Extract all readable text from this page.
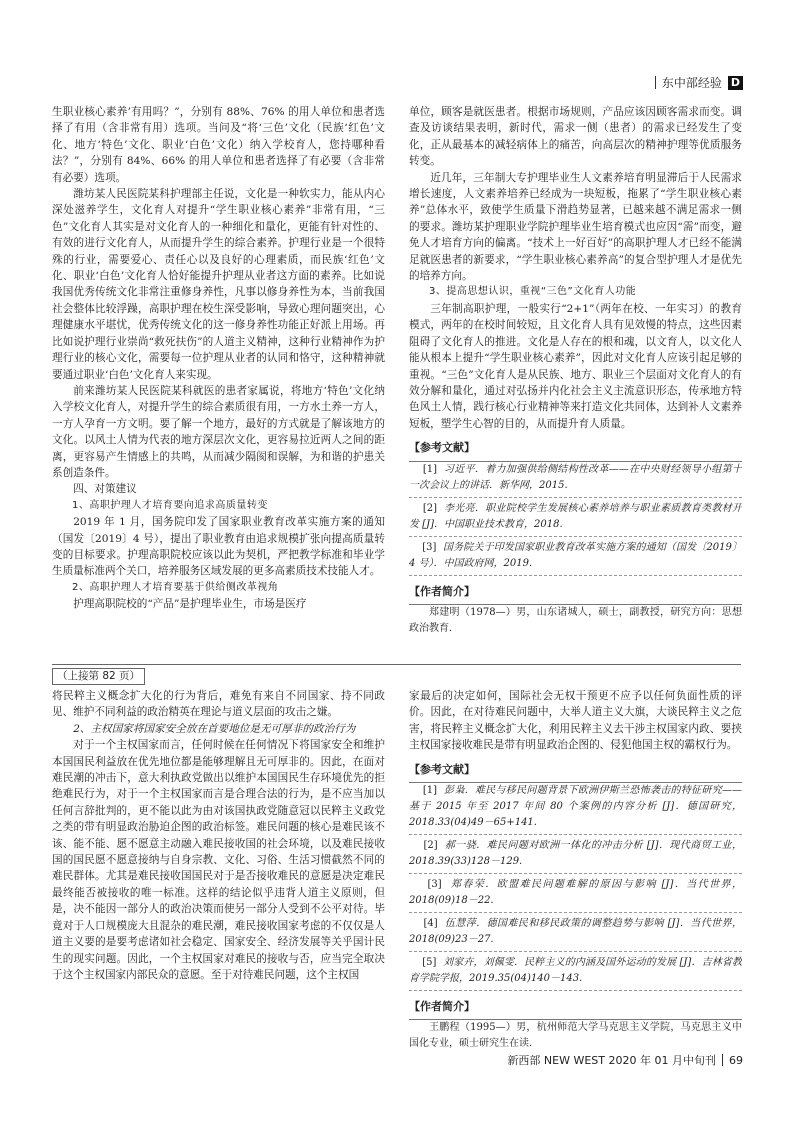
东中部经验 D

生职业核心素养’有用吗？”，分别有 88%、76% 的用人单位和患者选择了有用（含非常有用）选项。当问及“将‘三色’文化（民族‘红色’文化、地方‘特色’文化、职业‘白色’文化）纳入学校育人，您持哪种看法？”，分别有 84%、66% 的用人单位和患者选择了有必要（含非常有必要）选项。

潍坊某人民医院某科护理部主任说，文化是一种软实力，能从内心深处滋养学生，文化育人对提升“学生职业核心素养”非常有用，“三色”文化育人其实是对文化育人的一种细化和量化，更能有针对性的、有效的进行文化育人，从而提升学生的综合素养。护理行业是一个很特殊的行业，需要爱心、责任心以及良好的心理素质，而民族‘红色’文化、职业‘白色’文化育人恰好能提升护理从业者这方面的素养。比如说我国优秀传统文化非常注重修身养性，凡事以修身养性为本，当前我国社会整体比较浮躁，高职护理在校生深受影响，导致心理问题突出，心理健康水平堪忧，优秀传统文化的这一修身养性功能正好派上用场。再比如说护理行业崇尚“救死扶伤”的人道主义精神，这种行业精神作为护理行业的核心文化，需要每一位护理从业者的认同和恪守，这种精神就要通过职业‘白色’文化育人来实现。

前来潍坊某人民医院某科就医的患者家属说，将地方‘特色’文化纳入学校文化育人，对提升学生的综合素质很有用，一方水土养一方人，一方人孕育一方文明。要了解一个地方，最好的方式就是了解该地方的文化。以风土人情为代表的地方深层次文化，更容易拉近两人之间的距离，更容易产生情感上的共鸣，从而减少隔阂和误解，为和谐的护患关系创造条件。

四、对策建议

1、高职护理人才培育要向追求高质量转变

2019 年 1 月，国务院印发了国家职业教育改革实施方案的通知（国发〔2019〕4 号），提出了职业教育由追求规模扩张向提高质量转变的目标要求。护理高职院校应该以此为契机，严把教学标准和毕业学生质量标准两个关口，培养服务区域发展的更多高素质技术技能人才。

2、高职护理人才培育要基于供给侧改革视角

护理高职院校的“产品”是护理毕业生，市场是医疗

单位，顾客是就医患者。根据市场规则，产品应该因顾客需求而变。调查及访谈结果表明，新时代，需求一侧（患者）的需求已经发生了变化，正从最基本的减轻病体上的痛苦，向高层次的精神护理等优质服务转变。

近几年，三年制大专护理毕业生人文素养培育明显滞后于人民需求增长速度，人文素养培养已经成为一块短板，拖累了“学生职业核心素养”总体水平，致使学生质量下滑趋势显著，已越来越不满足需求一侧的要求。潍坊某护理职业学院护理毕业生培育模式也应因“需”而变，避免人才培育方向的偏离。“技术上一好百好”的高职护理人才已经不能满足就医患者的新要求，“学生职业核心素养高”的复合型护理人才是优先的培养方向。

3、提高思想认识，重视“三色”文化育人功能

三年制高职护理，一般实行“2+1”（两年在校、一年实习）的教育模式，两年的在校时间较短，且文化育人具有见效慢的特点，这些因素阻碍了文化育人的推进。文化是人存在的根和魂，以文育人，以文化人能从根本上提升“学生职业核心素养”，因此对文化育人应该引起足够的重视。“三色”文化育人是从民族、地方、职业三个层面对文化育人的有效分解和量化，通过对弘扬并内化社会主义主流意识形态，传承地方特色风土人情，践行核心行业精神等来打造文化共同体，达到补人文素养短板，塑学生心智的目的，从而提升育人质量。

【参考文献】
[1] 习近平．着力加强供给侧结构性改革——在中央财经领导小组第十一次会议上的讲话．新华网，2015.
[2] 李光亮．职业院校学生发展核心素养培养与职业素质教育类教材开发 [J]．中国职业技术教育，2018.
[3] 国务院关于印发国家职业教育改革实施方案的通知（国发〔2019〕4 号）．中国政府网，2019.
【作者简介】
郑建明（1978—）男，山东诸城人，硕士，副教授，研究方向：思想政治教育．
（上接第 82 页）

将民粹主义概念扩大化的行为背后，难免有来自不同国家、持不同政见、维护不同利益的政治精英在理论与道义层面的攻击之嫌。

2、主权国家将国家安全放在首要地位是无可厚非的政治行为

对于一个主权国家而言，任何时候在任何情况下将国家安全和维护本国国民利益放在优先地位都是能够理解且无可厚非的。因此，在面对难民潮的冲击下，意大利执政党做出以维护本国国民生存环境优先的拒绝难民行为，对于一个主权国家而言是合理合法的行为，是不应当加以任何言辞批判的，更不能以此为由对该国执政党随意冠以民粹主义政党之类的带有明显政治胁迫企图的政治标签。难民问题的核心是难民该不该、能不能、愿不愿意主动融入难民接收国的社会环境，以及难民接收国的国民愿不愿意接纳与自身宗教、文化、习俗、生活习惯截然不同的难民群体。尤其是难民接收国国民对于是否接收难民的意愿是决定难民最终能否被接收的唯一标准。这样的结论似乎违背人道主义原则，但是，决不能因一部分人的政治决策而使另一部分人受到不公平对待。毕竟对于人口规模庞大且混杂的难民潮，难民接收国家考虑的不仅仅是人道主义要的是要考虑诸如社会稳定、国家安全、经济发展等关乎国计民生的现实问题。因此，一个主权国家对难民的接收与否，应当完全取决于这个主权国家内部民众的意愿。至于对待难民问题，这个主权国

家最后的决定如何，国际社会无权干预更不应予以任何负面性质的评价。因此，在对待难民问题中，大举人道主义大旗，大谈民粹主义之危害，将民粹主义概念扩大化，利用民粹主义去干涉主权国家内政、要挟主权国家接收难民是带有明显政治企图的、侵犯他国主权的霸权行为。

【参考文献】
[1] 彭枭．难民与移民问题背景下欧洲伊斯兰恐怖袭击的特征研究——基于 2015 年至 2017 年间 80 个案例的内容分析 [J]．德国研究，2018.33(04)49－65+141.
[2] 郝一骁．难民问题对欧洲一体化的冲击分析 [J]．现代商贸工业，2018.39(33)128－129.
[3] 郑春荣．欧盟难民问题难解的原因与影响 [J]．当代世界，2018(09)18－22.
[4] 伍慧萍．德国难民和移民政策的调整趋势与影响 [J]．当代世界，2018(09)23－27.
[5] 刘家卉，刘佩雯．民粹主义的内涵及国外运动的发展 [J]．吉林省教育学院学报，2019.35(04)140－143.
【作者简介】
王鹏程（1995—）男，杭州师范大学马克思主义学院，马克思主义中国化专业，硕士研究生在读．
新西部 NEW WEST 2020 年 01 月中旬刊 69
